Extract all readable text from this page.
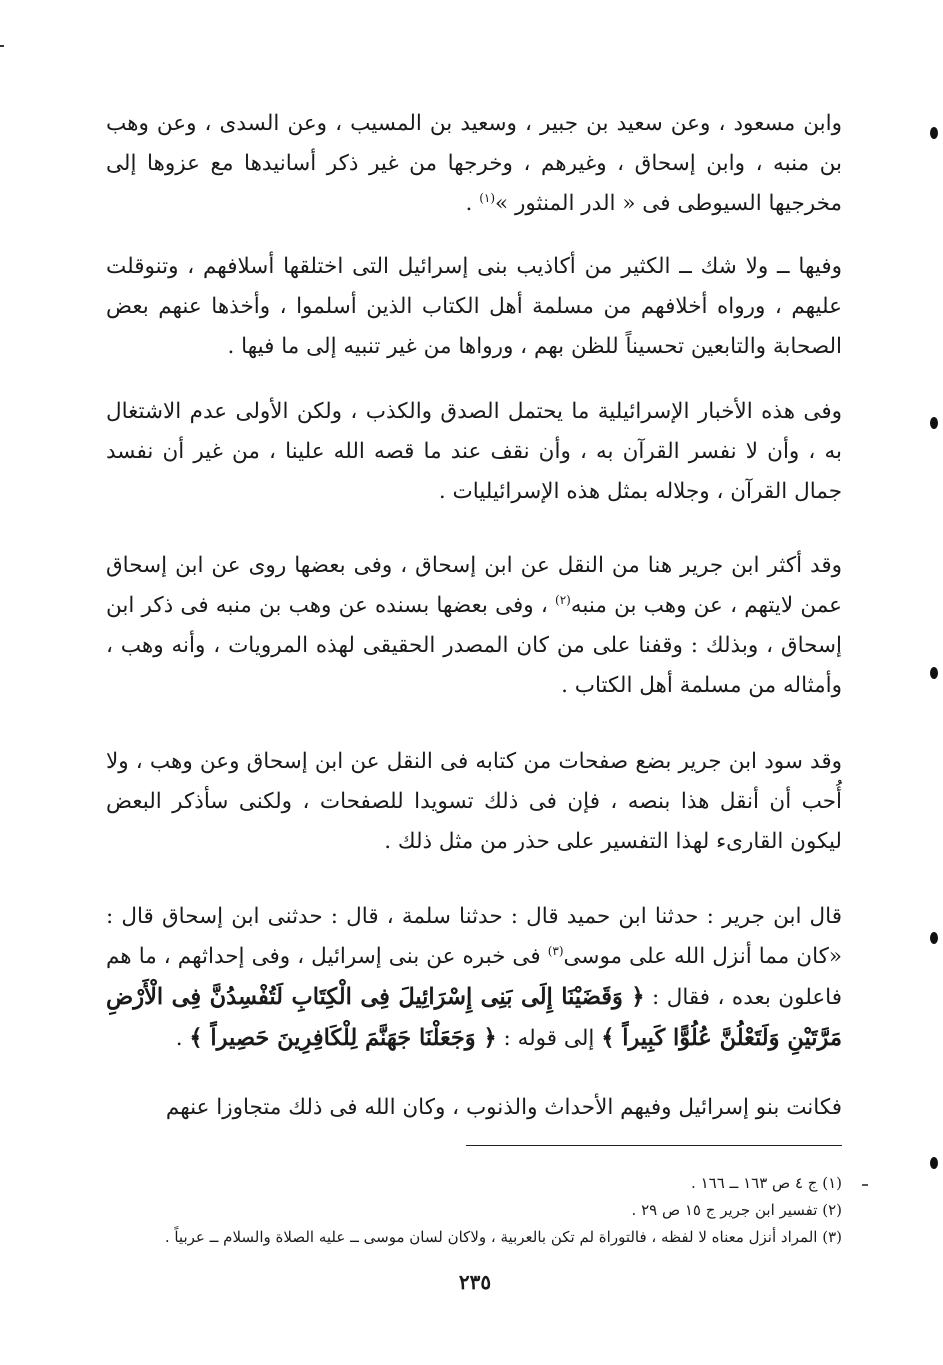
وابن مسعود ، وعن سعيد بن جبير ، وسعيد بن المسيب ، وعن السدى ، وعن وهب بن منبه ، وابن إسحاق ، وغيرهم ، وخرجها من غير ذكر أسانيدها مع عزوها إلى مخرجيها السيوطى فى « الدر المنثور »$^{(١)}$ .

وفيها ــ ولا شك ــ الكثير من أكاذيب بنى إسرائيل التى اختلقها أسلافهم ، وتنوقلت عليهم ، ورواه أخلافهم من مسلمة أهل الكتاب الذين أسلموا ، وأخذها عنهم بعض الصحابة والتابعين تحسيناً للظن بهم ، ورواها من غير تنبيه إلى ما فيها .

وفى هذه الأخبار الإسرائيلية ما يحتمل الصدق والكذب ، ولكن الأولى عدم الاشتغال به ، وأن لا نفسر القرآن به ، وأن نقف عند ما قصه الله علينا ، من غير أن نفسد جمال القرآن ، وجلاله بمثل هذه الإسرائيليات .

وقد أكثر ابن جرير هنا من النقل عن ابن إسحاق ، وفى بعضها روى عن ابن إسحاق عمن لايتهم ، عن وهب بن منبه$^{(٢)}$ ، وفى بعضها بسنده عن وهب بن منبه فى ذكر ابن إسحاق ، وبذلك : وقفنا على من كان المصدر الحقيقى لهذه المرويات ، وأنه وهب ، وأمثاله من مسلمة أهل الكتاب .

وقد سود ابن جرير بضع صفحات من كتابه فى النقل عن ابن إسحاق وعن وهب ، ولا أُحب أن أنقل هذا بنصه ، فإن فى ذلك تسويدا للصفحات ، ولكنى سأذكر البعض ليكون القارىء لهذا التفسير على حذر من مثل ذلك .

قال ابن جرير : حدثنا ابن حميد قال : حدثنا سلمة ، قال : حدثنى ابن إسحاق قال : «كان مما أنزل الله على موسى$^{(٣)}$ فى خبره عن بنى إسرائيل ، وفى إحداثهم ، ما هم فاعلون بعده ، فقال : ﴿ وَقَضَيْنَا إِلَى بَنِى إِسْرَائِيلَ فِى الْكِتَابِ لَتُفْسِدُنَّ فِى الْأَرْضِ مَرَّتَيْنِ وَلَتَعْلُنَّ عُلُوًّا كَبِيراً ﴾ إلى قوله : ﴿ وَجَعَلْنَا جَهَنَّمَ لِلْكَافِرِينَ حَصِيراً ﴾ .

فكانت بنو إسرائيل وفيهم الأحداث والذنوب ، وكان الله فى ذلك متجاوزا عنهم

(١) ج ٤ ص ١٦٣ ــ ١٦٦ .

(٢) تفسير ابن جرير ج ١٥ ص ٢٩ .

(٣) المراد أنزل معناه لا لفظه ، فالتوراة لم تكن بالعربية ، ولاكان لسان موسى ــ عليه الصلاة والسلام ــ عربياً .

٢٣٥
